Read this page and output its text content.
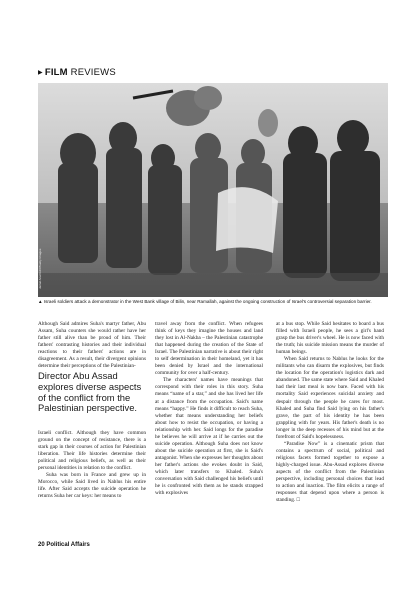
▶ FILM REVIEWS
Jamal Aruri/AFP/Getty Images
▲ Israeli soldiers attack a demonstrator in the West Bank village of Bilin, near Ramallah, against the ongoing construction of Israel's controversial separation barrier.

Although Said admires Suha's martyr father, Abu Assam, Suha counters she would rather have her father still alive than be proud of him. Their fathers' contrasting histories and their individual reactions to their fathers' actions are in disagreement. As a result, their divergent opinions determine their perceptions of the Palestinian-

Director Abu Assad explores diverse aspects of the conflict from the Palestinian perspective.

Israeli conflict. Although they have common ground on the concept of resistance, there is a stark gap in their courses of action for Palestinian liberation. Their life histories determine their political and religious beliefs, as well as their personal identities in relation to the conflict.

Suha was born in France and grew up in Morocco, while Said lived in Nablus his entire life. After Said accepts the suicide operation he returns Suha her car keys: her means to

travel away from the conflict. When refugees think of keys they imagine the houses and land they lost in Al-Nakba – the Palestinian catastrophe that happened during the creation of the State of Israel. The Palestinian narrative is about their right to self determination in their homeland, yet it has been denied by Israel and the international community for over a half-century.

The characters' names have meanings that correspond with their roles in this story. Suha means “name of a star,” and she has lived her life at a distance from the occupation. Said's name means “happy.” He finds it difficult to reach Suha, whether that means understanding her beliefs about how to resist the occupation, or having a relationship with her. Said longs for the paradise he believes he will arrive at if he carries out the suicide operation. Although Suha does not know about the suicide operation at first, she is Said's antagonist. When she expresses her thoughts about her father's actions she evokes doubt in Said, which later transfers to Khaled. Suha's conversation with Said challenged his beliefs until he is confronted with them as he stands strapped with explosives

at a bus stop. While Said hesitates to board a bus filled with Israeli people, he sees a girl's hand grasp the bus driver's wheel. He is now faced with the truth; his suicide mission means the murder of human beings.

When Said returns to Nablus he looks for the militants who can disarm the explosives, but finds the location for the operation's logistics dark and abandoned. The same state where Said and Khaled had their last meal is now bare. Faced with his mortality Said experiences suicidal anxiety and despair through the people he cares for most. Khaled and Suha find Said lying on his father's grave, the part of his identity he has been grappling with for years. His father's death is no longer in the deep recesses of his mind but at the forefront of Said's hopelessness.

“Paradise Now” is a cinematic prism that contains a spectrum of social, political and religious facets formed together to expose a highly-charged issue. Abu-Assad explores diverse aspects of the conflict from the Palestinian perspective, including personal choices that lead to action and inaction. The film elicits a range of responses that depend upon where a person is standing. □

20 Political Affairs
